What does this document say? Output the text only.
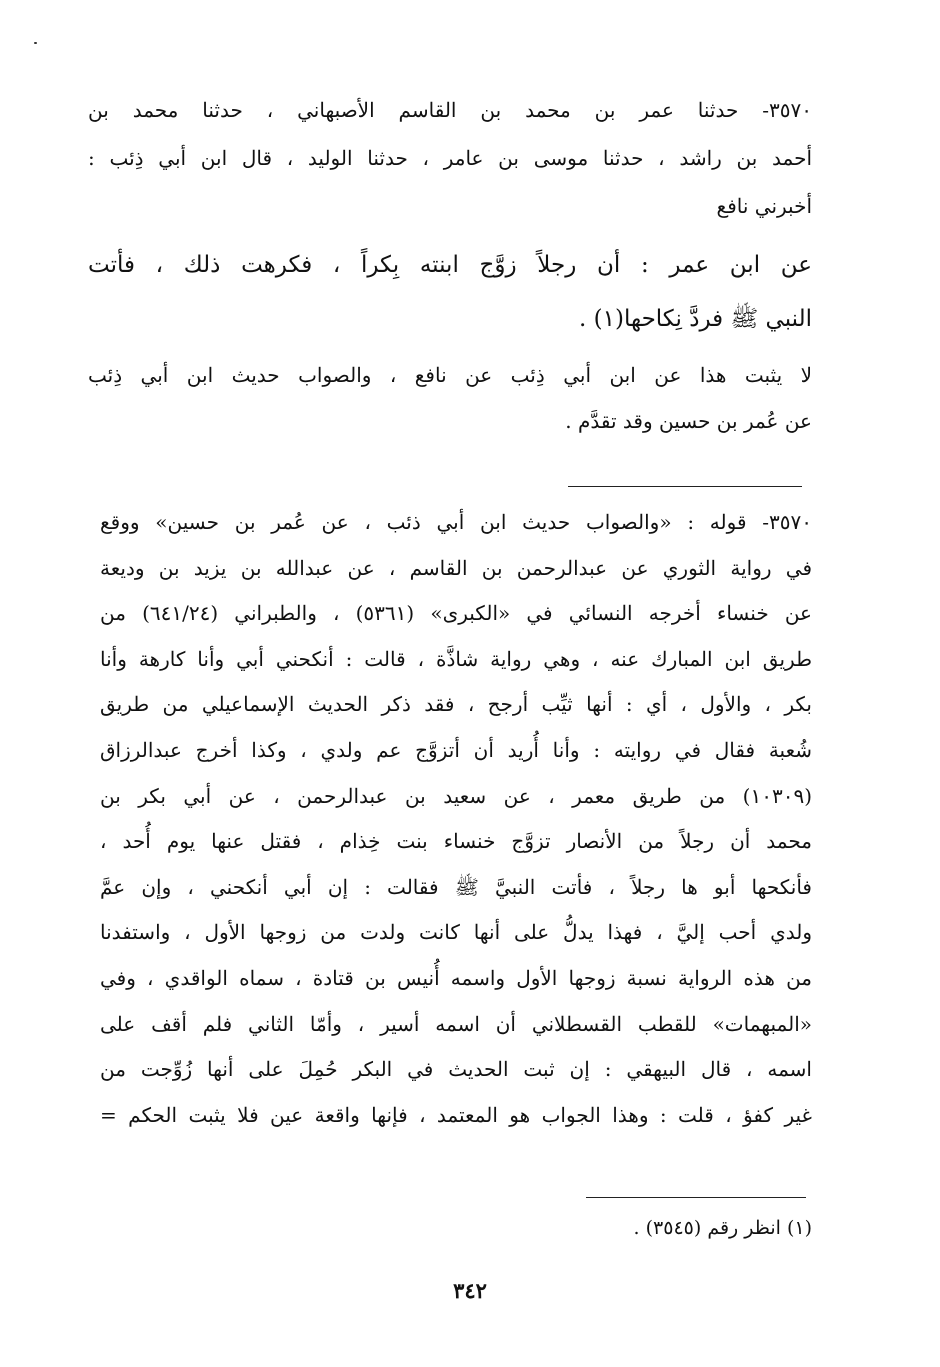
٣٥٧٠- حدثنا عمر بن محمد بن القاسم الأصبهاني ، حدثنا محمد بن
أحمد بن راشد ، حدثنا موسى بن عامر ، حدثنا الوليد ، قال ابن أبي ذِئب :
أخبرني نافع
عن ابن عمر : أن رجلاً زوَّج ابنته بِكراً ، فكرهت ذلك ، فأتت
النبي ﷺ فردَّ نِكاحها(١) .
لا يثبت هذا عن ابن أبي ذِئب عن نافع ، والصواب حديث ابن أبي ذِئب
عن عُمر بن حسين وقد تقدَّم .
٣٥٧٠- قوله : «والصواب حديث ابن أبي ذئب ، عن عُمر بن حسين» ووقع
في رواية الثوري عن عبدالرحمن بن القاسم ، عن عبدالله بن يزيد بن وديعة
عن خنساء أخرجه النسائي في «الكبرى» (٥٣٦١) ، والطبراني (٦٤١/٢٤) من
طريق ابن المبارك عنه ، وهي رواية شاذَّة ، قالت : أنكحني أبي وأنا كارهة وأنا
بكر ، والأول ، أي : أنها ثيِّب أرجح ، فقد ذكر الحديث الإسماعيلي من طريق
شُعبة فقال في روايته : وأنا أُريد أن أتزوَّج عم ولدي ، وكذا أخرج عبدالرزاق
(١٠٣٠٩) من طريق معمر ، عن سعيد بن عبدالرحمن ، عن أبي بكر بن
محمد أن رجلاً من الأنصار تزوَّج خنساء بنت خِذام ، فقتل عنها يوم أُحد ،
فأنكحها أبو ها رجلاً ، فأتت النبيَّ ﷺ فقالت : إن أبي أنكحني ، وإن عمَّ
ولدي أحب إليَّ ، فهذا يدلُّ على أنها كانت ولدت من زوجها الأول ، واستفدنا
من هذه الرواية نسبة زوجها الأول واسمه أُنيس بن قتادة ، سماه الواقدي ، وفي
«المبهمات» للقطب القسطلاني أن اسمه أسير ، وأمّا الثاني فلم أقف على
اسمه ، قال البيهقي : إن ثبت الحديث في البكر حُمِلَ على أنها زُوِّجت من
غير كفؤ ، قلت : وهذا الجواب هو المعتمد ، فإنها واقعة عين فلا يثبت الحكم =
(١) انظر رقم (٣٥٤٥) .
٣٤٢
